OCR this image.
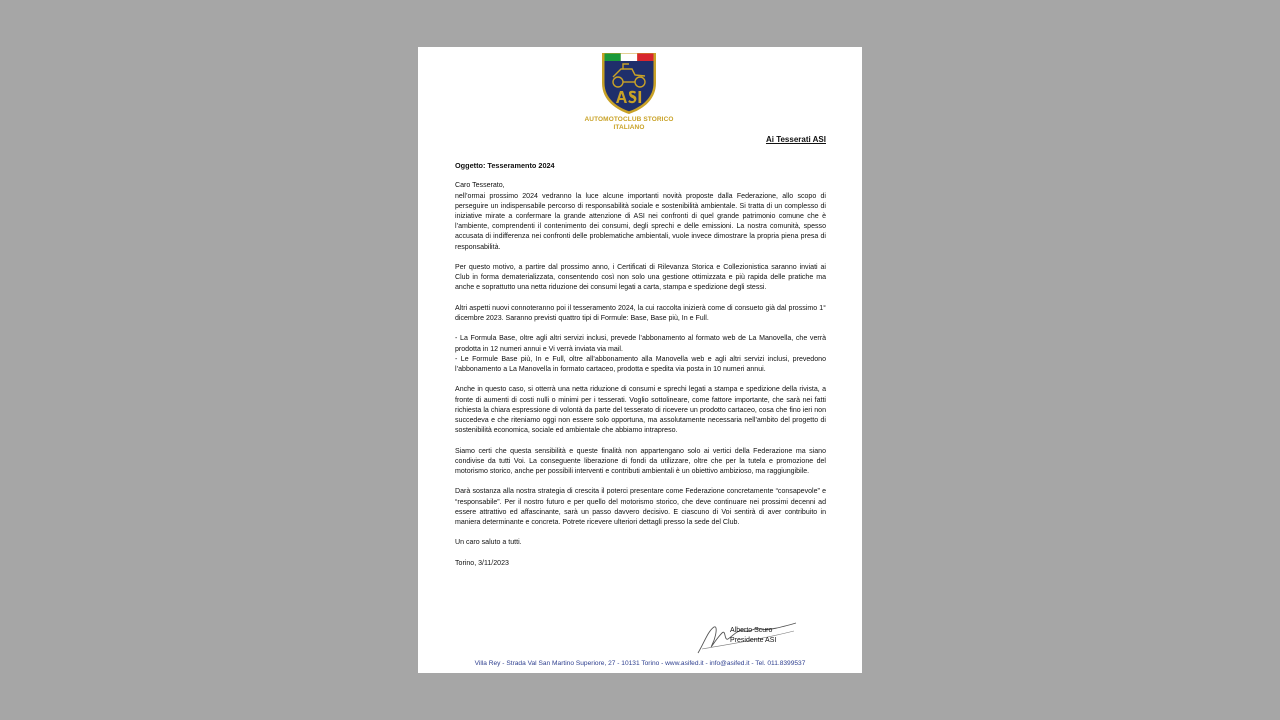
AUTOMOTOCLUB STORICO
ITALIANO
Ai Tesserati ASI

Oggetto: Tesseramento 2024

Caro Tesserato,

nell’ormai prossimo 2024 vedranno la luce alcune importanti novità proposte dalla Federazione, allo scopo di perseguire un indispensabile percorso di responsabilità sociale e sostenibilità ambientale. Si tratta di un complesso di iniziative mirate a confermare la grande attenzione di ASI nei confronti di quel grande patrimonio comune che è l’ambiente, comprendenti il contenimento dei consumi, degli sprechi e delle emissioni. La nostra comunità, spesso accusata di indifferenza nei confronti delle problematiche ambientali, vuole invece dimostrare la propria piena presa di responsabilità.

Per questo motivo, a partire dal prossimo anno, i Certificati di Rilevanza Storica e Collezionistica saranno inviati ai Club in forma dematerializzata, consentendo così non solo una gestione ottimizzata e più rapida delle pratiche ma anche e soprattutto una netta riduzione dei consumi legati a carta, stampa e spedizione degli stessi.

Altri aspetti nuovi connoteranno poi il tesseramento 2024, la cui raccolta inizierà come di consueto già dal prossimo 1° dicembre 2023. Saranno previsti quattro tipi di Formule: Base, Base più, In e Full.

- La Formula Base, oltre agli altri servizi inclusi, prevede l’abbonamento al formato web de La Manovella, che verrà prodotta in 12 numeri annui e Vi verrà inviata via mail.

- Le Formule Base più, In e Full, oltre all’abbonamento alla Manovella web e agli altri servizi inclusi, prevedono l’abbonamento a La Manovella in formato cartaceo, prodotta e spedita via posta in 10 numeri annui.

Anche in questo caso, si otterrà una netta riduzione di consumi e sprechi legati a stampa e spedizione della rivista, a fronte di aumenti di costi nulli o minimi per i tesserati. Voglio sottolineare, come fattore importante, che sarà nei fatti richiesta la chiara espressione di volontà da parte del tesserato di ricevere un prodotto cartaceo, cosa che fino ieri non succedeva e che riteniamo oggi non essere solo opportuna, ma assolutamente necessaria nell’ambito del progetto di sostenibilità economica, sociale ed ambientale che abbiamo intrapreso.

Siamo certi che questa sensibilità e queste finalità non appartengano solo ai vertici della Federazione ma siano condivise da tutti Voi. La conseguente liberazione di fondi da utilizzare, oltre che per la tutela e promozione del motorismo storico, anche per possibili interventi e contributi ambientali è un obiettivo ambizioso, ma raggiungibile.

Darà sostanza alla nostra strategia di crescita il poterci presentare come Federazione concretamente “consapevole” e “responsabile”. Per il nostro futuro e per quello del motorismo storico, che deve continuare nei prossimi decenni ad essere attrattivo ed affascinante, sarà un passo davvero decisivo. E ciascuno di Voi sentirà di aver contribuito in maniera determinante e concreta. Potrete ricevere ulteriori dettagli presso la sede del Club.

Un caro saluto a tutti.

Torino, 3/11/2023

Alberto Scuro
Presidente ASI
Villa Rey - Strada Val San Martino Superiore, 27 - 10131 Torino - www.asifed.it - info@asifed.it - Tel. 011.8399537
